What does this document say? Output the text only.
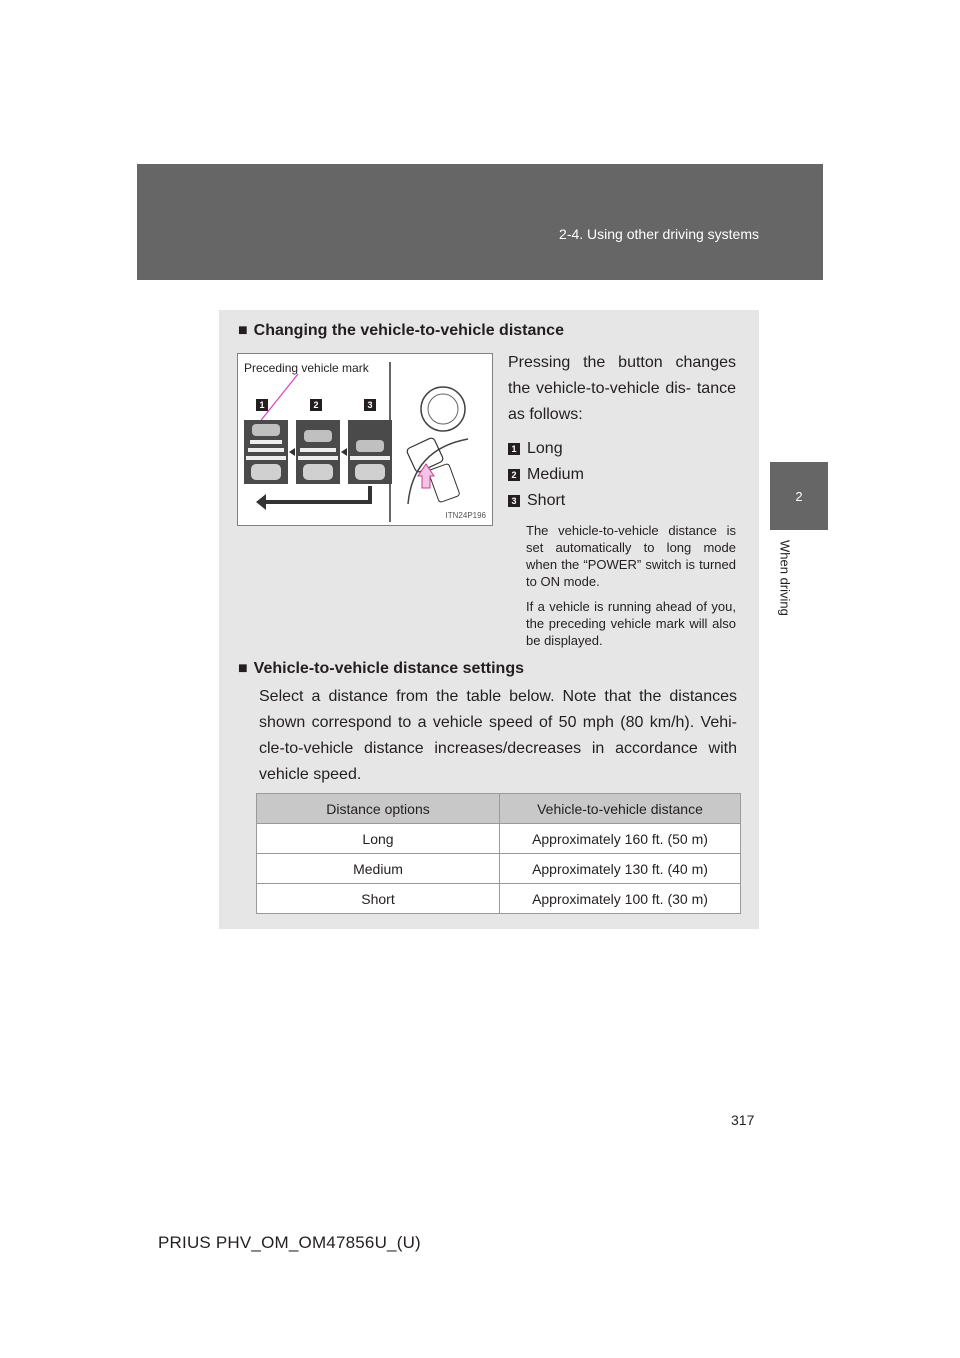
2-4. Using other driving systems
2
When driving
■ Changing the vehicle-to-vehicle distance
Preceding vehicle mark
1	2	3
ITN24P196
Pressing the button changes the vehicle-to-vehicle dis- tance as follows:
1 Long
2 Medium
3 Short
The vehicle-to-vehicle distance is set automatically to long mode when the “POWER” switch is turned to ON mode.
If a vehicle is running ahead of you, the preceding vehicle mark will also be displayed.
■ Vehicle-to-vehicle distance settings
Select a distance from the table below. Note that the distances shown correspond to a vehicle speed of 50 mph (80 km/h). Vehi- cle-to-vehicle distance increases/decreases in accordance with vehicle speed.
Distance options	Vehicle-to-vehicle distance
Long	Approximately 160 ft. (50 m)
Medium	Approximately 130 ft. (40 m)
Short	Approximately 100 ft. (30 m)
317
PRIUS PHV_OM_OM47856U_(U)
